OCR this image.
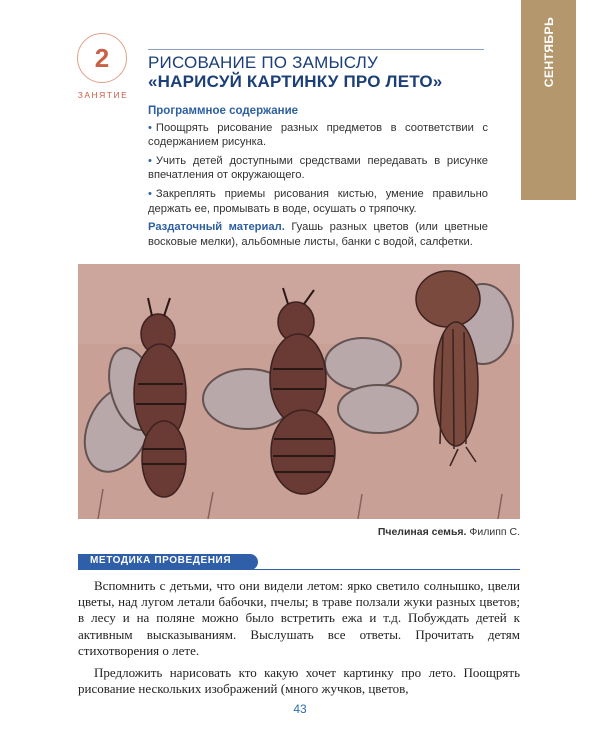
СЕНТЯБРЬ
2
ЗАНЯТИЕ
РИСОВАНИЕ ПО ЗАМЫСЛУ
«НАРИСУЙ КАРТИНКУ ПРО ЛЕТО»
Программное содержание
• Поощрять рисование разных предметов в соответствии с содержанием рисунка.
• Учить детей доступными средствами передавать в рисунке впечатления от окружающего.
• Закреплять приемы рисования кистью, умение правильно держать ее, промывать в воде, осушать о тряпочку.
Раздаточный материал. Гуашь разных цветов (или цветные восковые мелки), альбомные листы, банки с водой, салфетки.
Пчелиная семья. Филипп С.
МЕТОДИКА ПРОВЕДЕНИЯ

Вспомнить с детьми, что они видели летом: ярко светило солнышко, цвели цветы, над лугом летали бабочки, пчелы; в траве ползали жуки разных цветов; в лесу и на поляне можно было встретить ежа и т.д. Побуждать детей к активным высказываниям. Выслушать все ответы. Прочитать детям стихотворения о лете.

Предложить нарисовать кто какую хочет картинку про лето. Поощрять рисование нескольких изображений (много жучков, цветов,

43
